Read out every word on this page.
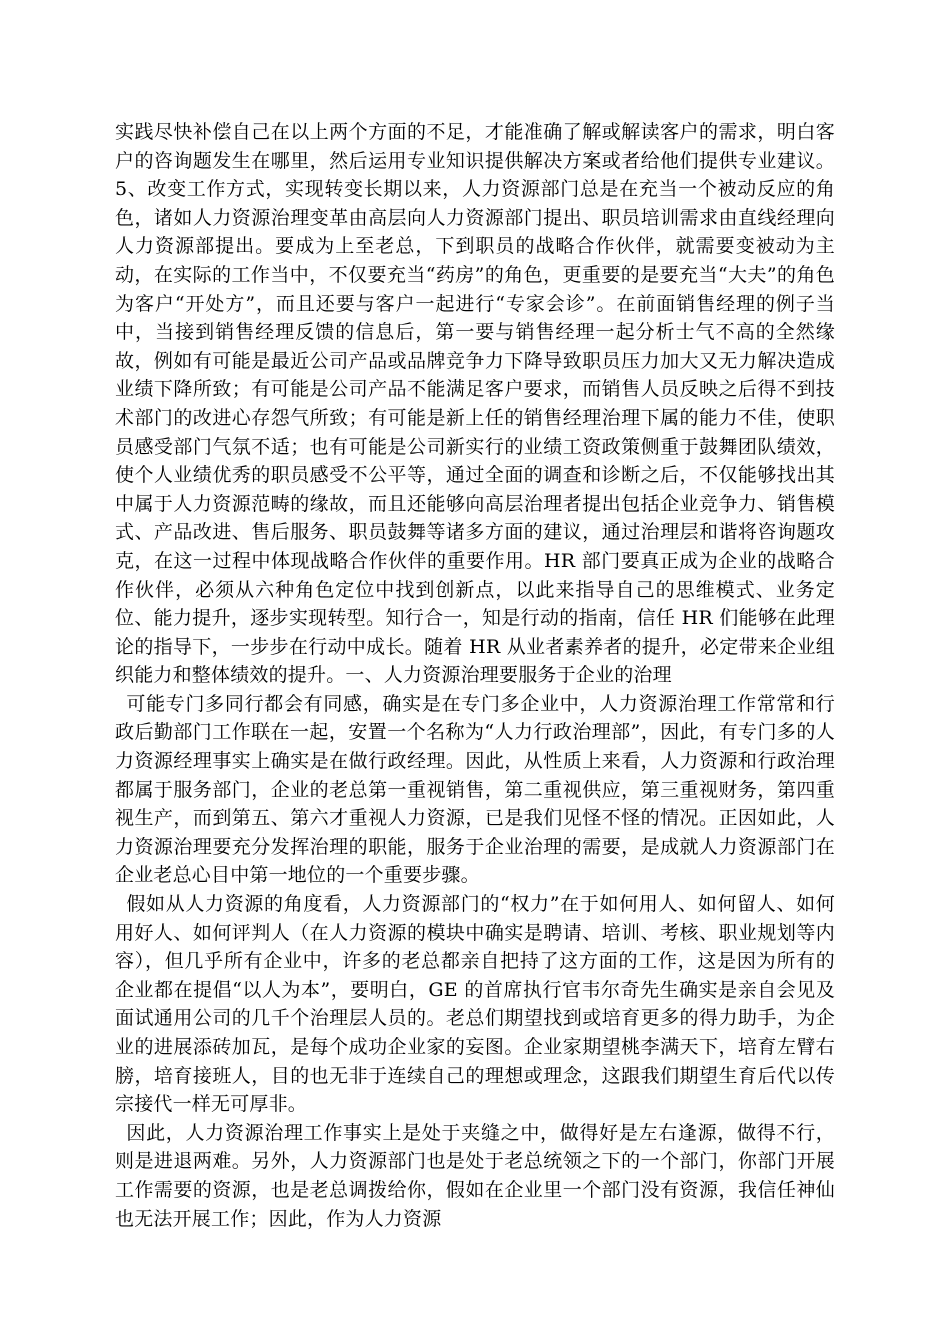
实践尽快补偿自己在以上两个方面的不足，才能准确了解或解读客户的需求，明白客户的咨询题发生在哪里，然后运用专业知识提供解决方案或者给他们提供专业建议。5、改变工作方式，实现转变长期以来，人力资源部门总是在充当一个被动反应的角色，诸如人力资源治理变革由高层向人力资源部门提出、职员培训需求由直线经理向人力资源部提出。要成为上至老总，下到职员的战略合作伙伴，就需要变被动为主动，在实际的工作当中，不仅要充当“药房”的角色，更重要的是要充当“大夫”的角色为客户“开处方”，而且还要与客户一起进行“专家会诊”。在前面销售经理的例子当中，当接到销售经理反馈的信息后，第一要与销售经理一起分析士气不高的全然缘故，例如有可能是最近公司产品或品牌竞争力下降导致职员压力加大又无力解决造成业绩下降所致；有可能是公司产品不能满足客户要求，而销售人员反映之后得不到技术部门的改进心存怨气所致；有可能是新上任的销售经理治理下属的能力不佳，使职员感受部门气氛不适；也有可能是公司新实行的业绩工资政策侧重于鼓舞团队绩效，使个人业绩优秀的职员感受不公平等，通过全面的调查和诊断之后，不仅能够找出其中属于人力资源范畴的缘故，而且还能够向高层治理者提出包括企业竞争力、销售模式、产品改进、售后服务、职员鼓舞等诸多方面的建议，通过治理层和谐将咨询题攻克，在这一过程中体现战略合作伙伴的重要作用。HR 部门要真正成为企业的战略合作伙伴，必须从六种角色定位中找到创新点，以此来指导自己的思维模式、业务定位、能力提升，逐步实现转型。知行合一，知是行动的指南，信任 HR 们能够在此理论的指导下，一步步在行动中成长。随着 HR 从业者素养者的提升，必定带来企业组织能力和整体绩效的提升。一、人力资源治理要服务于企业的治理

可能专门多同行都会有同感，确实是在专门多企业中，人力资源治理工作常常和行政后勤部门工作联在一起，安置一个名称为“人力行政治理部”，因此，有专门多的人力资源经理事实上确实是在做行政经理。因此，从性质上来看，人力资源和行政治理都属于服务部门，企业的老总第一重视销售，第二重视供应，第三重视财务，第四重视生产，而到第五、第六才重视人力资源，已是我们见怪不怪的情况。正因如此，人力资源治理要充分发挥治理的职能，服务于企业治理的需要，是成就人力资源部门在企业老总心目中第一地位的一个重要步骤。

假如从人力资源的角度看，人力资源部门的“权力”在于如何用人、如何留人、如何用好人、如何评判人（在人力资源的模块中确实是聘请、培训、考核、职业规划等内容），但几乎所有企业中，许多的老总都亲自把持了这方面的工作，这是因为所有的企业都在提倡“以人为本”，要明白，GE 的首席执行官韦尔奇先生确实是亲自会见及面试通用公司的几千个治理层人员的。老总们期望找到或培育更多的得力助手，为企业的进展添砖加瓦，是每个成功企业家的妄图。企业家期望桃李满天下，培育左臂右膀，培育接班人，目的也无非于连续自己的理想或理念，这跟我们期望生育后代以传宗接代一样无可厚非。

因此，人力资源治理工作事实上是处于夹缝之中，做得好是左右逢源，做得不行，则是进退两难。另外，人力资源部门也是处于老总统领之下的一个部门，你部门开展工作需要的资源，也是老总调拨给你，假如在企业里一个部门没有资源，我信任神仙也无法开展工作；因此，作为人力资源
